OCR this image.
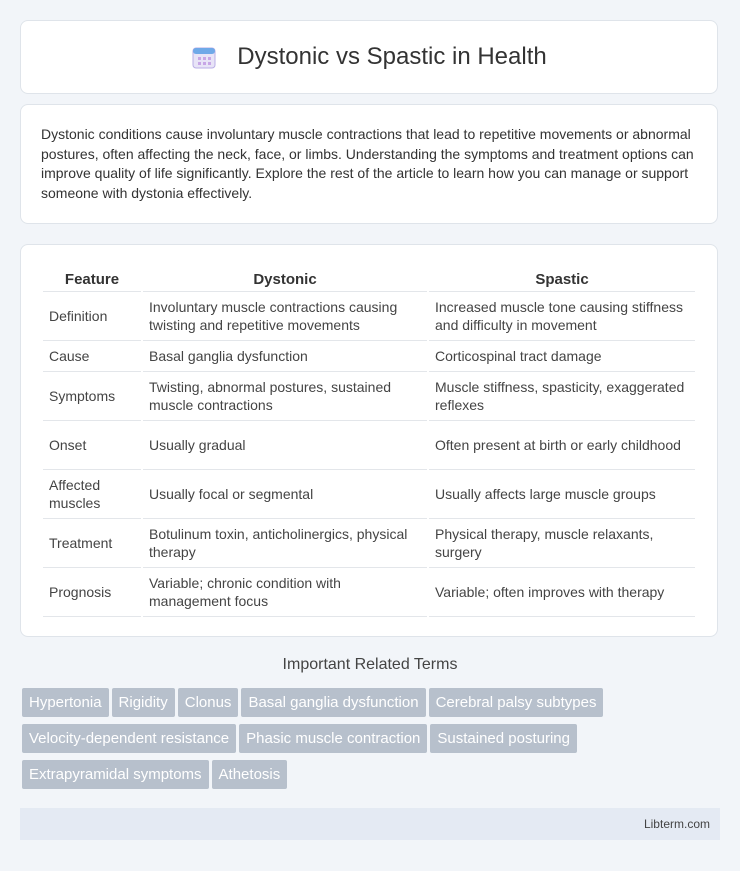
Dystonic vs Spastic in Health

Dystonic conditions cause involuntary muscle contractions that lead to repetitive movements or abnormal postures, often affecting the neck, face, or limbs. Understanding the symptoms and treatment options can improve quality of life significantly. Explore the rest of the article to learn how you can manage or support someone with dystonia effectively.

Feature	Dystonic	Spastic
Definition	Involuntary muscle contractions causing twisting and repetitive movements	Increased muscle tone causing stiffness and difficulty in movement
Cause	Basal ganglia dysfunction	Corticospinal tract damage
Symptoms	Twisting, abnormal postures, sustained muscle contractions	Muscle stiffness, spasticity, exaggerated reflexes
Onset	Usually gradual	Often present at birth or early childhood
Affected muscles	Usually focal or segmental	Usually affects large muscle groups
Treatment	Botulinum toxin, anticholinergics, physical therapy	Physical therapy, muscle relaxants, surgery
Prognosis	Variable; chronic condition with management focus	Variable; often improves with therapy
Important Related Terms
Hypertonia Rigidity Clonus Basal ganglia dysfunction Cerebral palsy subtypesVelocity-dependent resistance Phasic muscle contraction Sustained posturingExtrapyramidal symptoms Athetosis
Libterm.com
